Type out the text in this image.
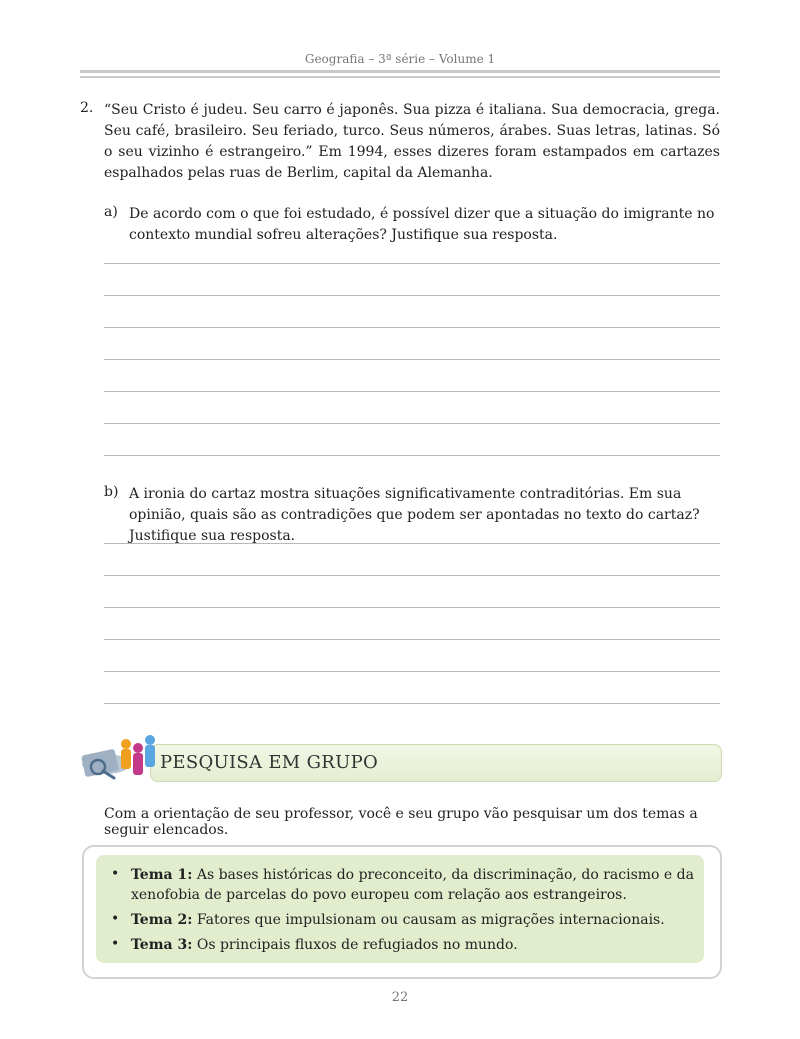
Geografia – 3ª série – Volume 1
2. “Seu Cristo é judeu. Seu carro é japonês. Sua pizza é italiana. Sua democracia, grega. Seu café, brasileiro. Seu feriado, turco. Seus números, árabes. Suas letras, latinas. Só o seu vizinho é estrangeiro.” Em 1994, esses dizeres foram estampados em cartazes espalhados pelas ruas de Berlim, capital da Alemanha.
a) De acordo com o que foi estudado, é possível dizer que a situação do imigrante no contexto mundial sofreu alterações? Justifique sua resposta.
b) A ironia do cartaz mostra situações significativamente contraditórias. Em sua opinião, quais são as contradições que podem ser apontadas no texto do cartaz? Justifique sua resposta.
PESQUISA EM GRUPO
Com a orientação de seu professor, você e seu grupo vão pesquisar um dos temas a seguir elencados.
• Tema 1: As bases históricas do preconceito, da discriminação, do racismo e da xenofobia de parcelas do povo europeu com relação aos estrangeiros.
• Tema 2: Fatores que impulsionam ou causam as migrações internacionais.
• Tema 3: Os principais fluxos de refugiados no mundo.
22
